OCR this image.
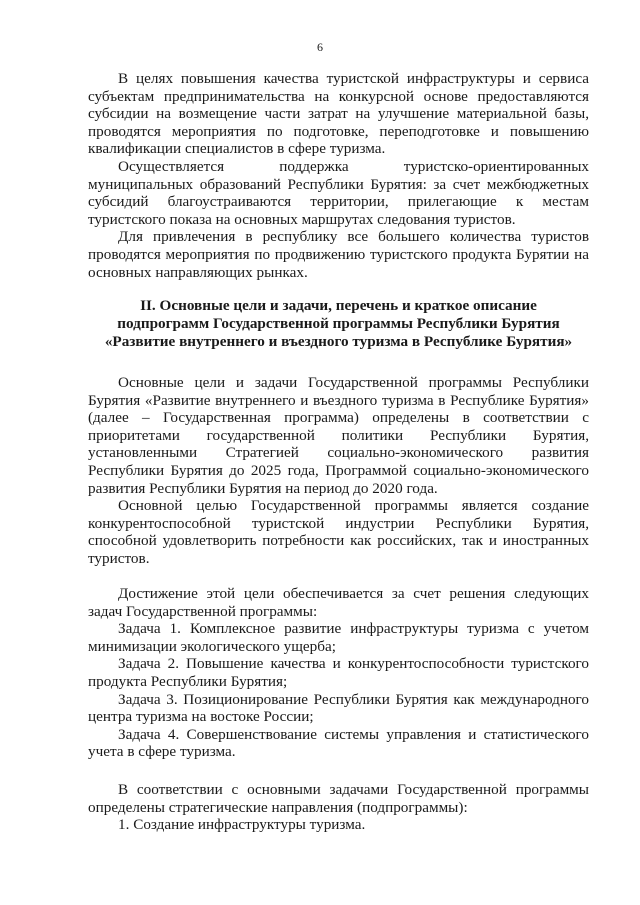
6

В целях повышения качества туристской инфраструктуры и сервиса субъектам предпринимательства на конкурсной основе предоставляются субсидии на возмещение части затрат на улучшение материальной базы, проводятся мероприятия по подготовке, переподготовке и повышению квалификации специалистов в сфере туризма.

Осуществляется поддержка туристско-ориентированных муниципальных образований Республики Бурятия: за счет межбюджетных субсидий благоустраиваются территории, прилегающие к местам туристского показа на основных маршрутах следования туристов.

Для привлечения в республику все большего количества туристов проводятся мероприятия по продвижению туристского продукта Бурятии на основных направляющих рынках.

II. Основные цели и задачи, перечень и краткое описание
подпрограмм Государственной программы Республики Бурятия
«Развитие внутреннего и въездного туризма в Республике Бурятия»

Основные цели и задачи Государственной программы Республики Бурятия «Развитие внутреннего и въездного туризма в Республике Бурятия» (далее – Государственная программа) определены в соответствии с приоритетами государственной политики Республики Бурятия, установленными Стратегией социально-экономического развития Республики Бурятия до 2025 года, Программой социально-экономического развития Республики Бурятия на период до 2020 года.

Основной целью Государственной программы является создание конкурентоспособной туристской индустрии Республики Бурятия, способной удовлетворить потребности как российских, так и иностранных туристов.

Достижение этой цели обеспечивается за счет решения следующих задач Государственной программы:

Задача 1. Комплексное развитие инфраструктуры туризма с учетом минимизации экологического ущерба;

Задача 2. Повышение качества и конкурентоспособности туристского продукта Республики Бурятия;

Задача 3. Позиционирование Республики Бурятия как международного центра туризма на востоке России;

Задача 4. Совершенствование системы управления и статистического учета в сфере туризма.

В соответствии с основными задачами Государственной программы определены стратегические направления (подпрограммы):

1. Создание инфраструктуры туризма.
